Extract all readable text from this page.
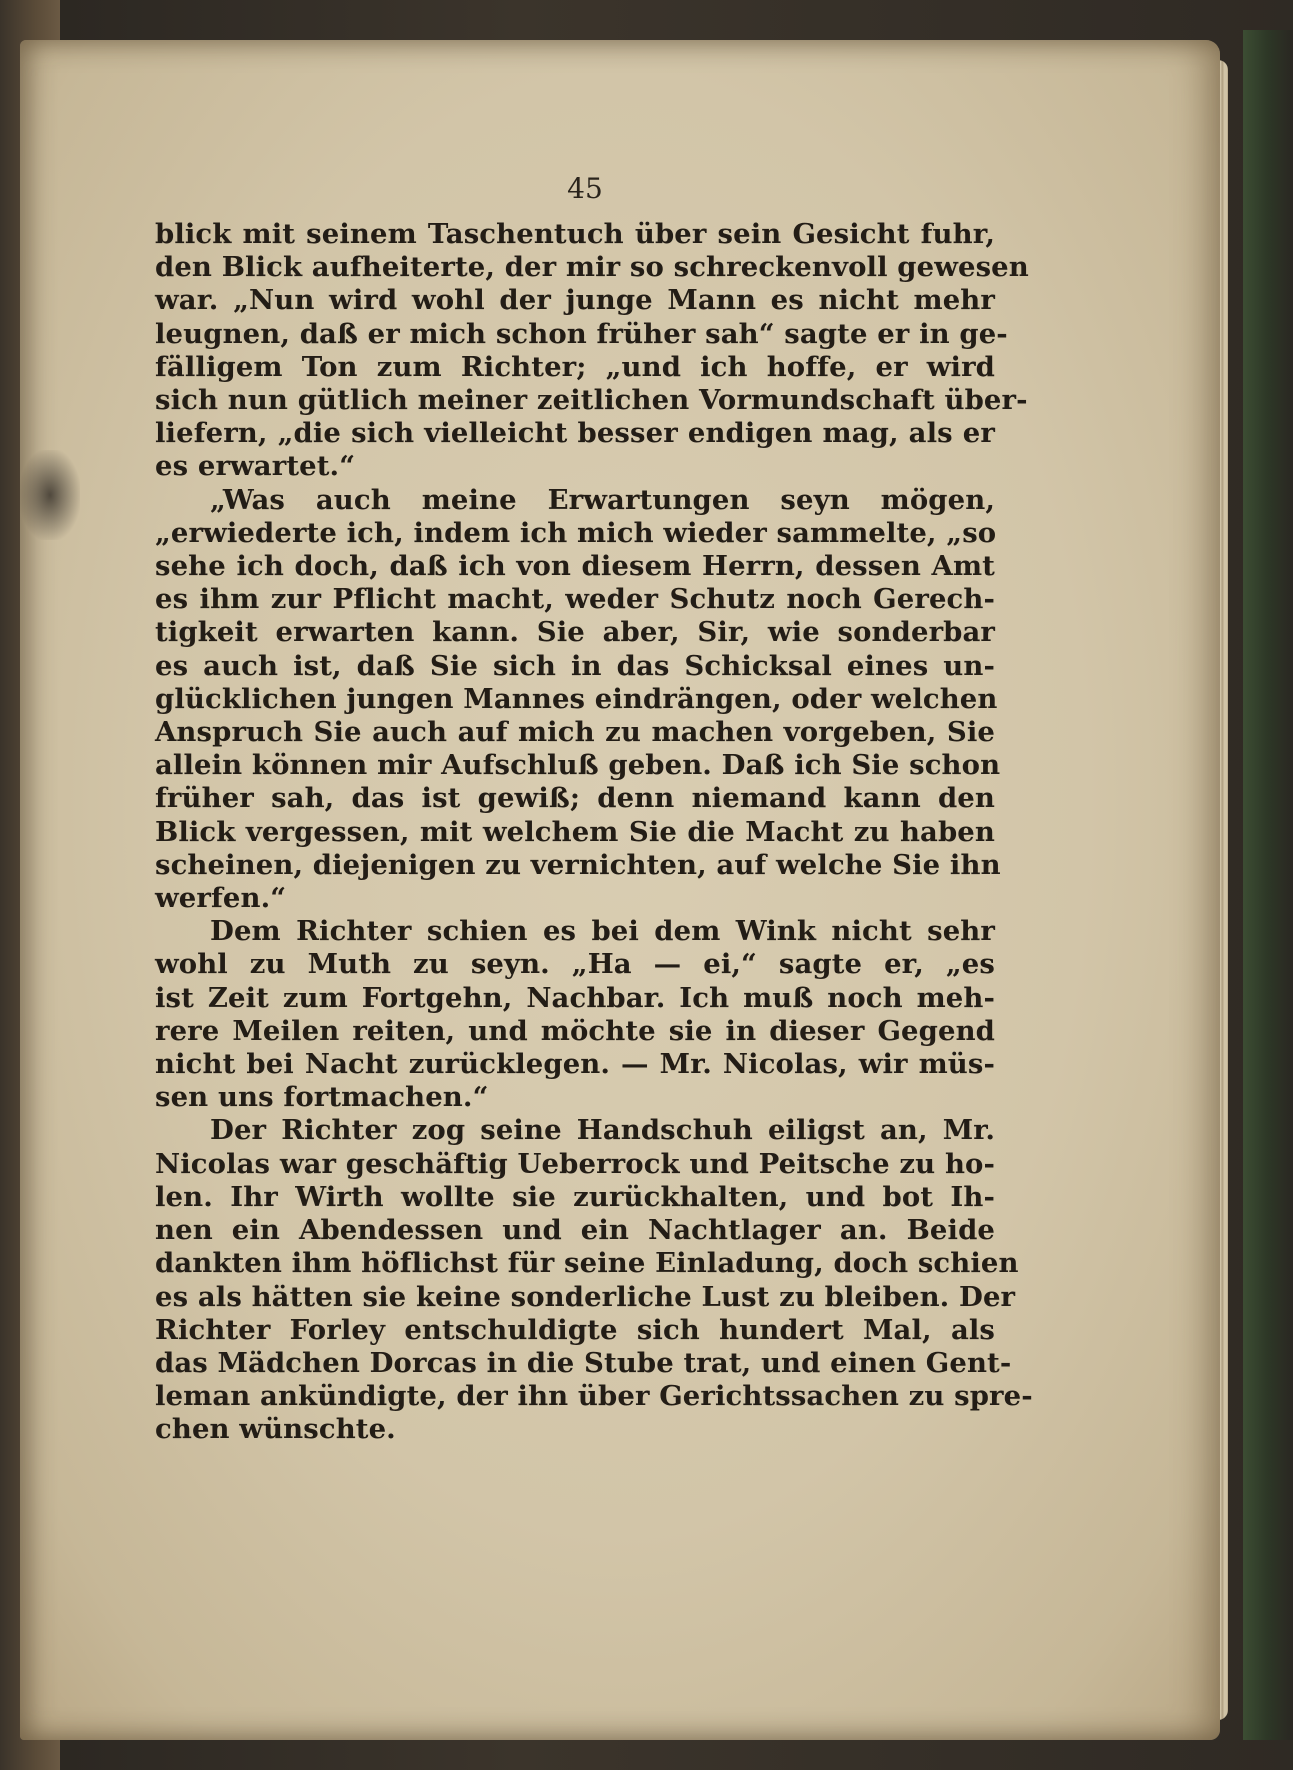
45

blick mit seinem Taschentuch über sein Gesicht fuhr,
den Blick aufheiterte, der mir so schreckenvoll gewesen
war. „Nun wird wohl der junge Mann es nicht mehr
leugnen, daß er mich schon früher sah“ sagte er in ge-
fälligem Ton zum Richter; „und ich hoffe, er wird
sich nun gütlich meiner zeitlichen Vormundschaft über-
liefern, „die sich vielleicht besser endigen mag, als er
es erwartet.“

„Was auch meine Erwartungen seyn mögen,
„erwiederte ich, indem ich mich wieder sammelte, „so
sehe ich doch, daß ich von diesem Herrn, dessen Amt
es ihm zur Pflicht macht, weder Schutz noch Gerech-
tigkeit erwarten kann. Sie aber, Sir, wie sonderbar
es auch ist, daß Sie sich in das Schicksal eines un-
glücklichen jungen Mannes eindrängen, oder welchen
Anspruch Sie auch auf mich zu machen vorgeben, Sie
allein können mir Aufschluß geben. Daß ich Sie schon
früher sah, das ist gewiß; denn niemand kann den
Blick vergessen, mit welchem Sie die Macht zu haben
scheinen, diejenigen zu vernichten, auf welche Sie ihn
werfen.“

Dem Richter schien es bei dem Wink nicht sehr
wohl zu Muth zu seyn. „Ha — ei,“ sagte er, „es
ist Zeit zum Fortgehn, Nachbar. Ich muß noch meh-
rere Meilen reiten, und möchte sie in dieser Gegend
nicht bei Nacht zurücklegen. — Mr. Nicolas, wir müs-
sen uns fortmachen.“

Der Richter zog seine Handschuh eiligst an, Mr.
Nicolas war geschäftig Ueberrock und Peitsche zu ho-
len. Ihr Wirth wollte sie zurückhalten, und bot Ih-
nen ein Abendessen und ein Nachtlager an. Beide
dankten ihm höflichst für seine Einladung, doch schien
es als hätten sie keine sonderliche Lust zu bleiben. Der
Richter Forley entschuldigte sich hundert Mal, als
das Mädchen Dorcas in die Stube trat, und einen Gent-
leman ankündigte, der ihn über Gerichtssachen zu spre-
chen wünschte.
